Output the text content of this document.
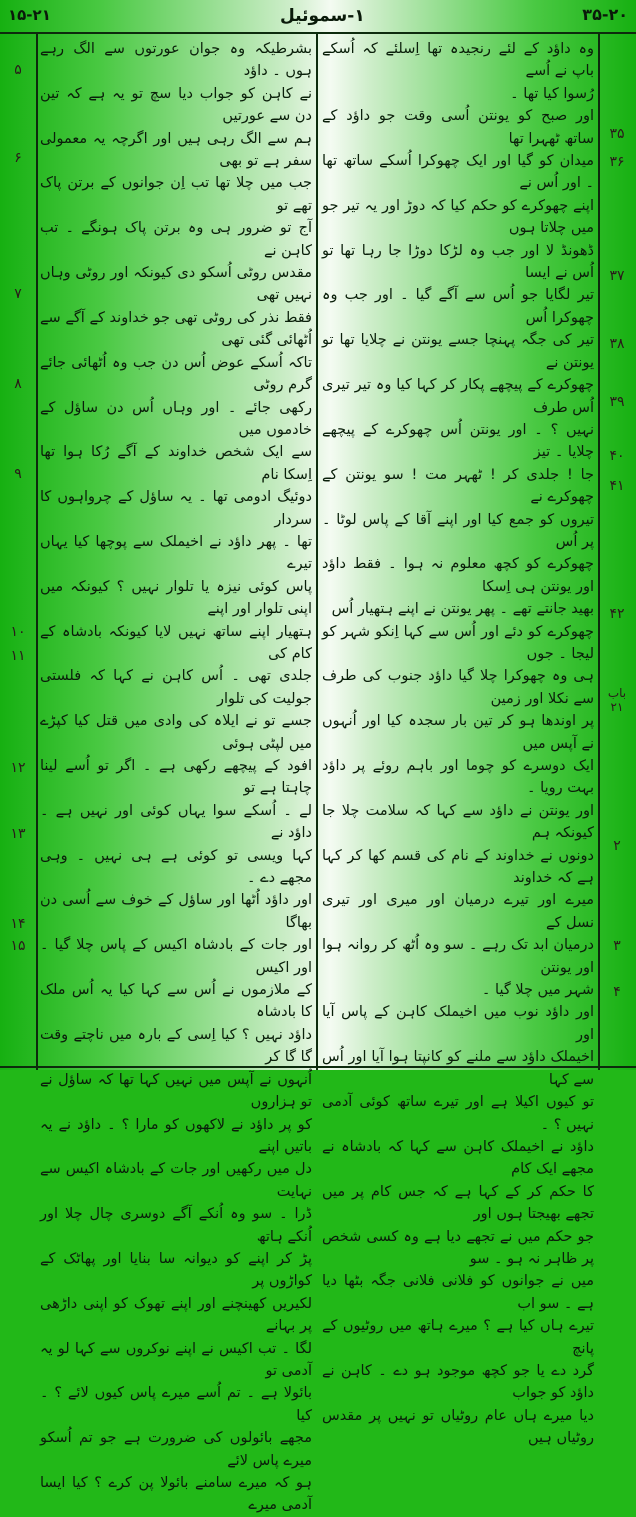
۱۵-۲۱	۱-سموئیل	۳۵-۲۰
۳۵
۳۶
۳۷
۳۸
۳۹
۴۰
۴۱
۴۲
باب ۲۱
۲
۳
۴

وہ داؤد کے لئے رنجیدہ تھا اِسلئے کہ اُسکے باپ نے اُسے

رُسوا کیا تھا ۔

اور صبح کو یونتن اُسی وقت جو داؤد کے ساتھ ٹھہرا تھا

میدان کو گیا اور ایک چھوکرا اُسکے ساتھ تھا ۔ اور اُس نے

اپنے چھوکرے کو حکم کیا کہ دوڑ اور یہ تیر جو میں چلاتا ہوں

ڈھونڈ لا اور جب وہ لڑکا دوڑا جا رہا تھا تو اُس نے ایسا

تیر لگایا جو اُس سے آگے گیا ۔ اور جب وہ چھوکرا اُس

تیر کی جگہ پہنچا جسے یونتن نے چلایا تھا تو یونتن نے

چھوکرے کے پیچھے پکار کر کہا کیا وہ تیر تیری اُس طرف

نہیں ؟ ۔ اور یونتن اُس چھوکرے کے پیچھے چلایا ۔ تیز

جا ! جلدی کر ! ٹھہر مت ! سو یونتن کے چھوکرے نے

تیروں کو جمع کیا اور اپنے آقا کے پاس لوٹا ۔ پر اُس

چھوکرے کو کچھ معلوم نہ ہوا ۔ فقط داؤد اور یونتن ہی اِسکا

بھید جانتے تھے ۔ پھر یونتن نے اپنے ہتھیار اُس

چھوکرے کو دئے اور اُس سے کہا اِنکو شہر کو لیجا ۔ جوں

ہی وہ چھوکرا چلا گیا داؤد جنوب کی طرف سے نکلا اور زمین

پر اوندھا ہو کر تین بار سجدہ کیا اور اُنہوں نے آپس میں

ایک دوسرے کو چوما اور باہم روئے پر داؤد بہت رویا ۔

اور یونتن نے داؤد سے کہا کہ سلامت چلا جا کیونکہ ہم

دونوں نے خداوند کے نام کی قسم کھا کر کہا ہے کہ خداوند

میرے اور تیرے درمیان اور میری اور تیری نسل کے

درمیان ابد تک رہے ۔ سو وہ اُٹھ کر روانہ ہوا اور یونتن

شہر میں چلا گیا ۔

اور داؤد نوب میں اخیملک کاہن کے پاس آیا اور

اخیملک داؤد سے ملنے کو کانپتا ہوا آیا اور اُس سے کہا

تو کیوں اکیلا ہے اور تیرے ساتھ کوئی آدمی نہیں ؟ ۔

داؤد نے اخیملک کاہن سے کہا کہ بادشاہ نے مجھے ایک کام

کا حکم کر کے کہا ہے کہ جس کام پر میں تجھے بھیجتا ہوں اور

جو حکم میں نے تجھے دیا ہے وہ کسی شخص پر ظاہر نہ ہو ۔ سو

میں نے جوانوں کو فلانی فلانی جگہ بٹھا دیا ہے ۔ سو اب

تیرے ہاں کیا ہے ؟ میرے ہاتھ میں روٹیوں کے پانچ

گرد دے یا جو کچھ موجود ہو دے ۔ کاہن نے داؤد کو جواب

دیا میرے ہاں عام روٹیاں تو نہیں پر مقدس روٹیاں ہیں

بشرطیکہ وہ جوان عورتوں سے الگ رہے ہوں ۔ داؤد

نے کاہن کو جواب دیا سچ تو یہ ہے کہ تین دن سے عورتیں

ہم سے الگ رہی ہیں اور اگرچہ یہ معمولی سفر ہے تو بھی

جب میں چلا تھا تب اِن جوانوں کے برتن پاک تھے تو

آج تو ضرور ہی وہ برتن پاک ہونگے ۔ تب کاہن نے

مقدس روٹی اُسکو دی کیونکہ اور روٹی وہاں نہیں تھی

فقط نذر کی روٹی تھی جو خداوند کے آگے سے اُٹھائی گئی تھی

تاکہ اُسکے عوض اُس دن جب وہ اُٹھائی جائے گرم روٹی

رکھی جائے ۔ اور وہاں اُس دن ساؤل کے خادموں میں

سے ایک شخص خداوند کے آگے رُکا ہوا تھا اِسکا نام

دوئیگ ادومی تھا ۔ یہ ساؤل کے چرواہوں کا سردار

تھا ۔ پھر داؤد نے اخیملک سے پوچھا کیا یہاں تیرے

پاس کوئی نیزہ یا تلوار نہیں ؟ کیونکہ میں اپنی تلوار اور اپنے

ہتھیار اپنے ساتھ نہیں لایا کیونکہ بادشاہ کے کام کی

جلدی تھی ۔ اُس کاہن نے کہا کہ فلستی جولیت کی تلوار

جسے تو نے ایلاہ کی وادی میں قتل کیا کپڑے میں لپٹی ہوئی

افود کے پیچھے رکھی ہے ۔ اگر تو اُسے لینا چاہتا ہے تو

لے ۔ اُسکے سوا یہاں کوئی اور نہیں ہے ۔ داؤد نے

کہا ویسی تو کوئی ہے ہی نہیں ۔ وہی مجھے دے ۔

اور داؤد اُٹھا اور ساؤل کے خوف سے اُسی دن بھاگا

اور جات کے بادشاہ اکیس کے پاس چلا گیا ۔ اور اکیس

کے ملازموں نے اُس سے کہا کیا یہ اُس ملک کا بادشاہ

داؤد نہیں ؟ کیا اِسی کے بارہ میں ناچتے وقت گا گا کر

اُنہوں نے آپس میں نہیں کہا تھا کہ ساؤل نے تو ہزاروں

کو پر داؤد نے لاکھوں کو مارا ؟ ۔ داؤد نے یہ باتیں اپنے

دل میں رکھیں اور جات کے بادشاہ اکیس سے نہایت

ڈرا ۔ سو وہ اُنکے آگے دوسری چال چلا اور اُنکے ہاتھ

پڑ کر اپنے کو دیوانہ سا بنایا اور پھاٹک کے کواڑوں پر

لکیریں کھینچنے اور اپنے تھوک کو اپنی داڑھی پر بہانے

لگا ۔ تب اکیس نے اپنے نوکروں سے کہا لو یہ آدمی تو

بائولا ہے ۔ تم اُسے میرے پاس کیوں لائے ؟ ۔ کیا

مجھے بائولوں کی ضرورت ہے جو تم اُسکو میرے پاس لائے

ہو کہ میرے سامنے بائولا پن کرے ؟ کیا ایسا آدمی میرے

۵
۶
۷
۸
۹
۱۰
۱۱
۱۲
۱۳
۱۴
۱۵
